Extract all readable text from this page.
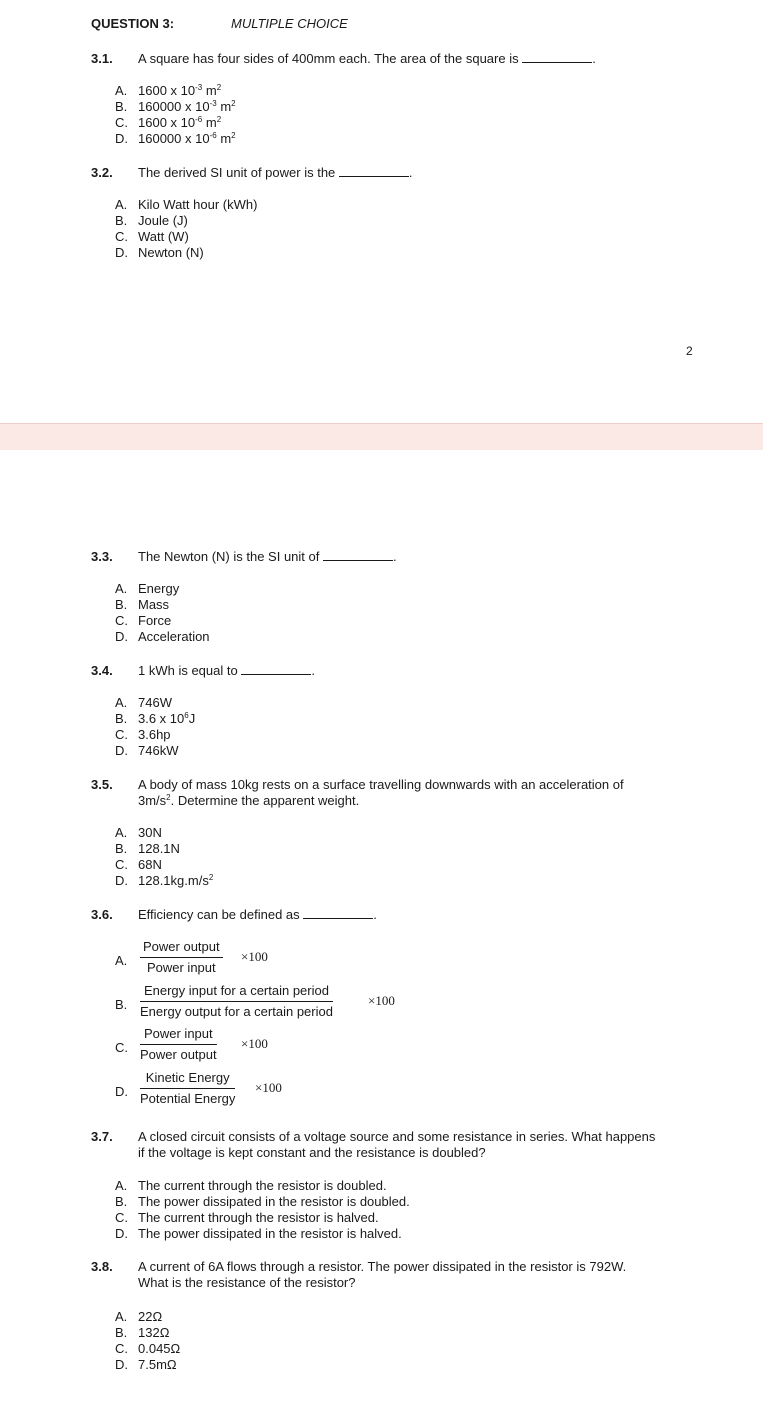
QUESTION 3:	MULTIPLE CHOICE
3.1. A square has four sides of 400mm each. The area of the square is	.
A. 1600 x $10^{-3}$ $m^2$
B. 160000 x $10^{-3}$ $m^2$
C. 1600 x $10^{-6}$ $m^2$
D. 160000 x $10^{-6}$ $m^2$
3.2. The derived SI unit of power is the	.
A. Kilo Watt hour (kWh)
B. Joule (J)
C. Watt (W)
D. Newton (N)
2
3.3. The Newton (N) is the SI unit of	.
A. Energy
B. Mass
C. Force
D. Acceleration
3.4. 1 kWh is equal to	.
A. 746W
B. 3.6 x $10^6J$
C. 3.6hp
D. 746kW
3.5. A body of mass 10kg rests on a surface travelling downwards with an acceleration of
$3m/s^2$. Determine the apparent weight.
A. 30N
B. 128.1N
C. 68N
D. $128.1kg.m/s^2$
3.6. Efficiency can be defined as	.
A.
Power output
Power input
×100
B.
Energy input for a certain period
Energy output for a certain period
×100
C.
Power input
Power output
×100
D.
Kinetic Energy
Potential Energy
×100
3.7. A closed circuit consists of a voltage source and some resistance in series. What happens
if the voltage is kept constant and the resistance is doubled?
A. The current through the resistor is doubled.
B. The power dissipated in the resistor is doubled.
C. The current through the resistor is halved.
D. The power dissipated in the resistor is halved.
3.8. A current of 6A flows through a resistor. The power dissipated in the resistor is 792W.
What is the resistance of the resistor?
A. 22Ω
B. 132Ω
C. 0.045Ω
D. 7.5mΩ
